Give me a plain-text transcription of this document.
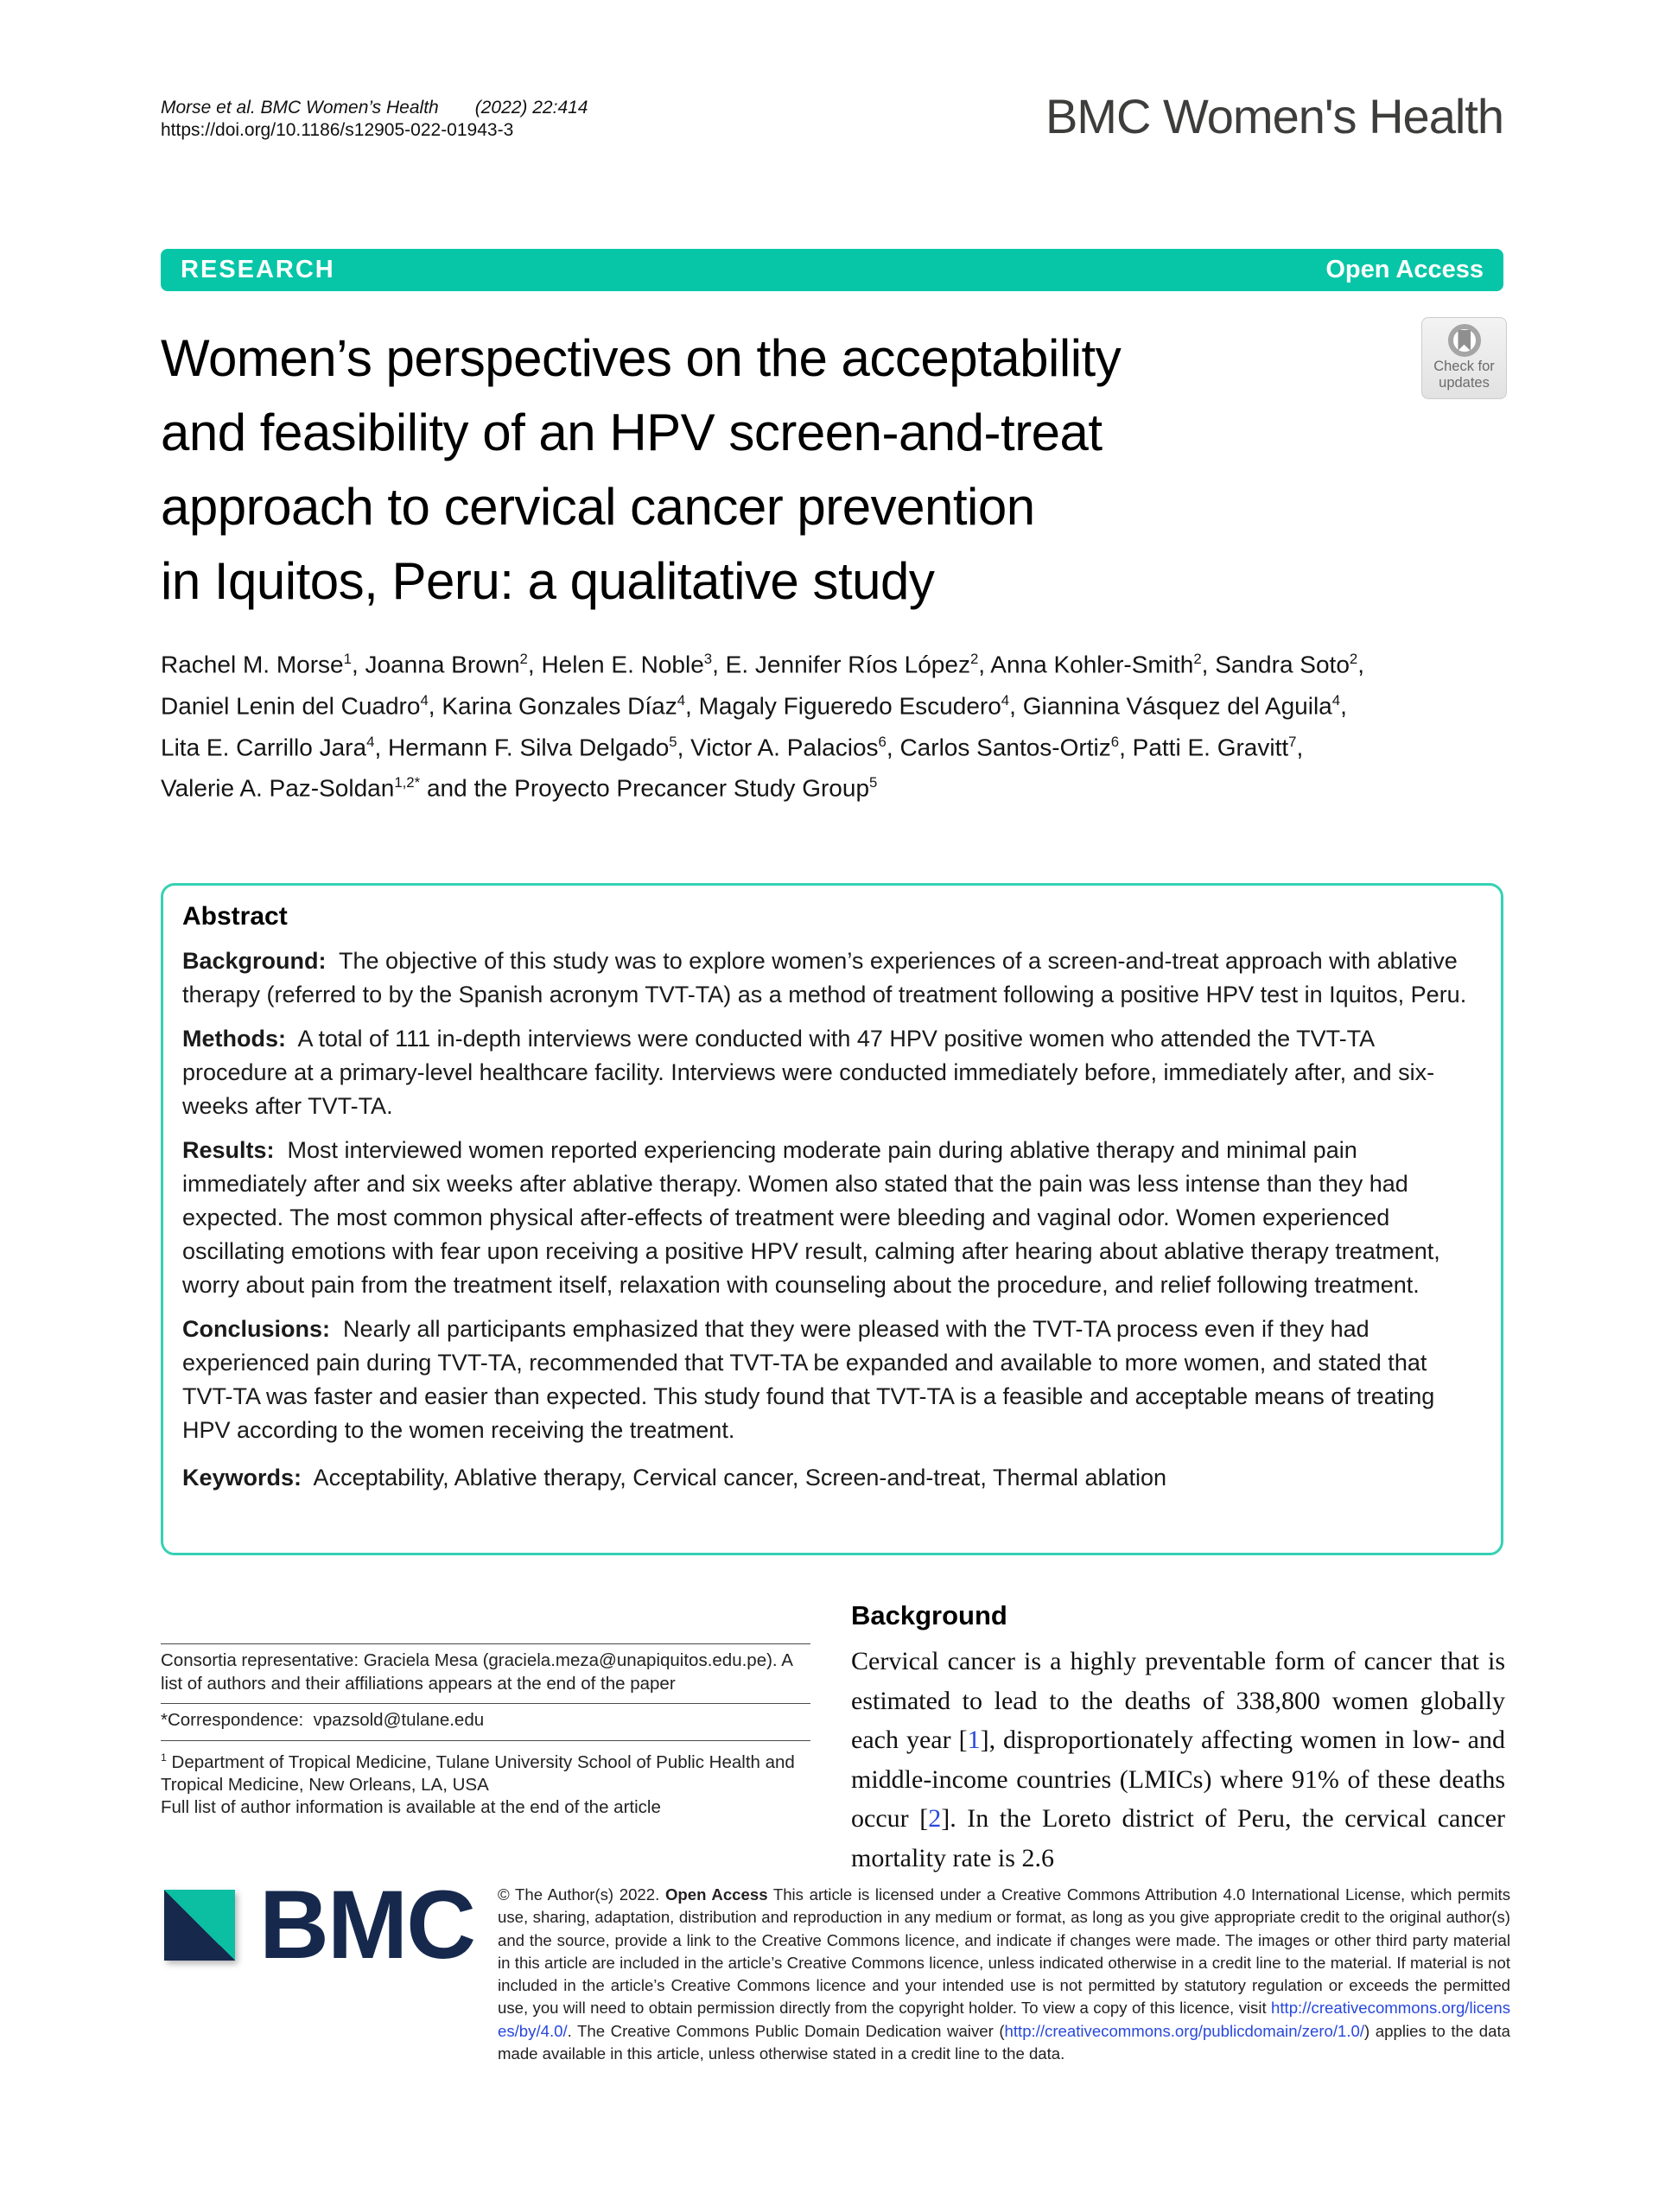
Morse et al. BMC Women’s Health (2022) 22:414
https://doi.org/10.1186/s12905-022-01943-3	BMC Women's Health
RESEARCH	Open Access
Check for
updates
Women’s perspectives on the acceptability
and feasibility of an HPV screen-and-treat
approach to cervical cancer prevention
in Iquitos, Peru: a qualitative study
Rachel M. Morse$^1$, Joanna Brown$^2$, Helen E. Noble$^3$, E. Jennifer Ríos López$^2$, Anna Kohler-Smith$^2$, Sandra Soto$^2$,
Daniel Lenin del Cuadro$^4$, Karina Gonzales Díaz$^4$, Magaly Figueredo Escudero$^4$, Giannina Vásquez del Aguila$^4$,
Lita E. Carrillo Jara$^4$, Hermann F. Silva Delgado$^5$, Victor A. Palacios$^6$, Carlos Santos-Ortiz$^6$, Patti E. Gravitt$^7$,
Valerie A. Paz-Soldan$^{1,2*}$ and the Proyecto Precancer Study Group$^5$
Abstract

Background:  The objective of this study was to explore women’s experiences of a screen-and-treat approach with ablative therapy (referred to by the Spanish acronym TVT-TA) as a method of treatment following a positive HPV test in Iquitos, Peru.

Methods:  A total of 111 in-depth interviews were conducted with 47 HPV positive women who attended the TVT-TA procedure at a primary-level healthcare facility. Interviews were conducted immediately before, immediately after, and six-weeks after TVT-TA.

Results:  Most interviewed women reported experiencing moderate pain during ablative therapy and minimal pain immediately after and six weeks after ablative therapy. Women also stated that the pain was less intense than they had expected. The most common physical after-effects of treatment were bleeding and vaginal odor. Women experienced oscillating emotions with fear upon receiving a positive HPV result, calming after hearing about ablative therapy treatment, worry about pain from the treatment itself, relaxation with counseling about the procedure, and relief following treatment.

Conclusions:  Nearly all participants emphasized that they were pleased with the TVT-TA process even if they had experienced pain during TVT-TA, recommended that TVT-TA be expanded and available to more women, and stated that TVT-TA was faster and easier than expected. This study found that TVT-TA is a feasible and acceptable means of treating HPV according to the women receiving the treatment.

Keywords:  Acceptability, Ablative therapy, Cervical cancer, Screen-and-treat, Thermal ablation

Consortia representative: Graciela Mesa (graciela.meza@unapiquitos.edu.pe). A list of authors and their affiliations appears at the end of the paper
*Correspondence: vpazsold@tulane.edu
$^1$ Department of Tropical Medicine, Tulane University School of Public Health and Tropical Medicine, New Orleans, LA, USA
Full list of author information is available at the end of the article
Background

Cervical cancer is a highly preventable form of cancer that is estimated to lead to the deaths of 338,800 women globally each year [1], disproportionately affecting women in low- and middle-income countries (LMICs) where 91% of these deaths occur [2]. In the Loreto district of Peru, the cervical cancer mortality rate is 2.6

BMC © The Author(s) 2022. Open Access This article is licensed under a Creative Commons Attribution 4.0 International License, which permits use, sharing, adaptation, distribution and reproduction in any medium or format, as long as you give appropriate credit to the original author(s) and the source, provide a link to the Creative Commons licence, and indicate if changes were made. The images or other third party material in this article are included in the article’s Creative Commons licence, unless indicated otherwise in a credit line to the material. If material is not included in the article’s Creative Commons licence and your intended use is not permitted by statutory regulation or exceeds the permitted use, you will need to obtain permission directly from the copyright holder. To view a copy of this licence, visit http://creativecommons.org/licenses/by/4.0/. The Creative Commons Public Domain Dedication waiver (http://creativecommons.org/publicdomain/zero/1.0/) applies to the data made available in this article, unless otherwise stated in a credit line to the data.
